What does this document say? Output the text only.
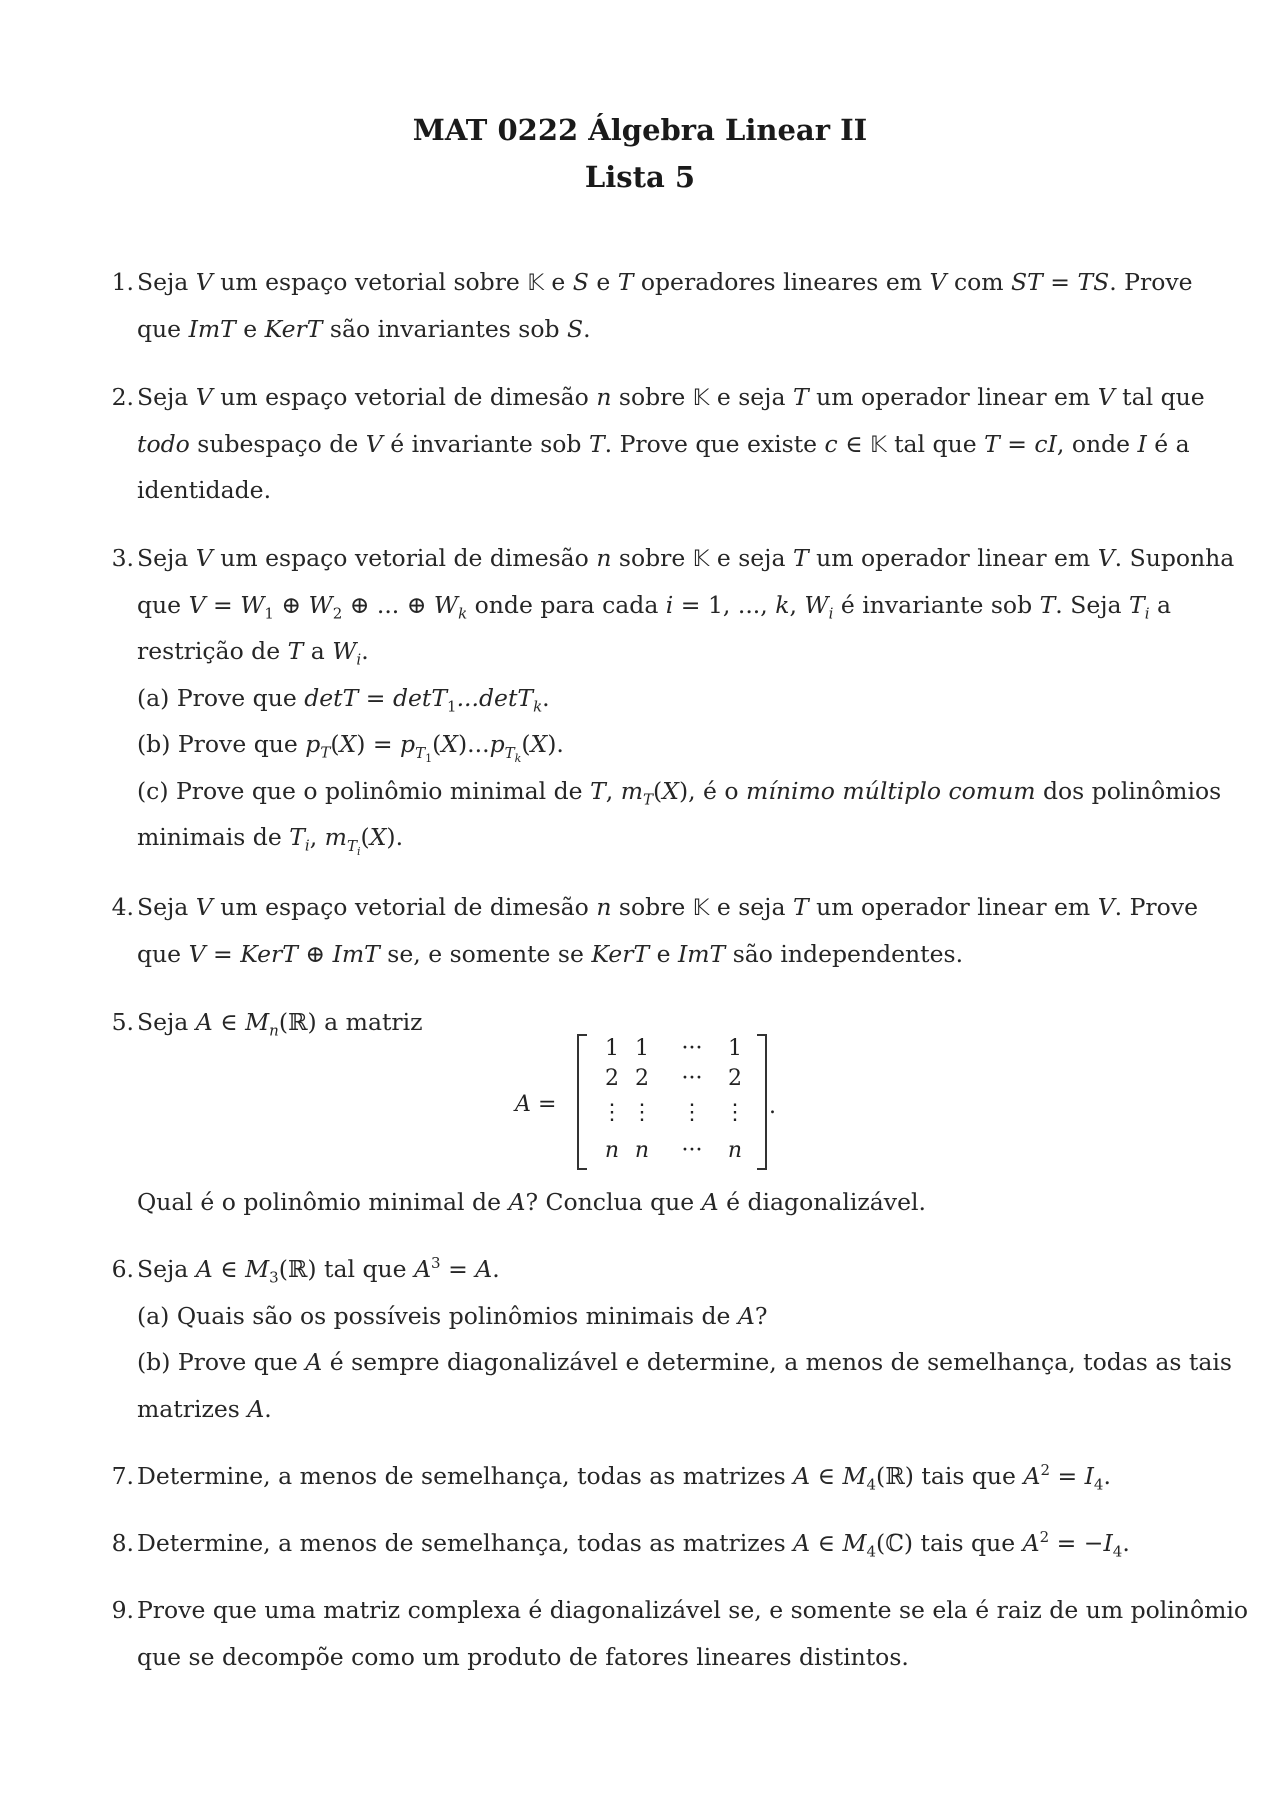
MAT 0222 Álgebra Linear II
Lista 5
1. Seja V um espaço vetorial sobre 𝕂 e S e T operadores lineares em V com ST = TS. Prove
que ImT e KerT são invariantes sob S.
2. Seja V um espaço vetorial de dimesão n sobre 𝕂 e seja T um operador linear em V tal que
todo subespaço de V é invariante sob T. Prove que existe c ∈ 𝕂 tal que T = cI, onde I é a
identidade.
3. Seja V um espaço vetorial de dimesão n sobre 𝕂 e seja T um operador linear em V. Suponha
que $V = W_1$ ⊕ $W_2$ ⊕ ... ⊕ $W_k$ onde para cada i = 1, ..., k, $W_i$ é invariante sob T. Seja $T_i$ a
restrição de T a $W_i$.
(a) Prove que detT = detT$_1$...detT$_k$.
(b) Prove que $p_T(X) = p_{T_1}(X)...p_{T_k}(X)$.
(c) Prove que o polinômio minimal de T, $m_T(X)$, é o mínimo múltiplo comum dos polinômios
minimais de $T_i$, $m_{T_i}(X)$.
4. Seja V um espaço vetorial de dimesão n sobre 𝕂 e seja T um operador linear em V. Prove
que V = KerT ⊕ ImT se, e somente se KerT e ImT são independentes.
5. Seja A ∈ $M_n(ℝ)$ a matriz
Qual é o polinômio minimal de A? Conclua que A é diagonalizável.
A =
1 1	···	1
2 2	···	2
⋮ ⋮ ⋮ ⋮
n n	···	n
.
6. Seja A ∈ $M_3(ℝ)$ tal que $A^3 = A$.
(a) Quais são os possíveis polinômios minimais de A?
(b) Prove que A é sempre diagonalizável e determine, a menos de semelhança, todas as tais
matrizes A.
7. Determine, a menos de semelhança, todas as matrizes A ∈ $M_4(ℝ)$ tais que $A^2 = I_4$.
8. Determine, a menos de semelhança, todas as matrizes A ∈ $M_4(ℂ)$ tais que $A^2 = -I_4$.
9. Prove que uma matriz complexa é diagonalizável se, e somente se ela é raiz de um polinômio
que se decompõe como um produto de fatores lineares distintos.
